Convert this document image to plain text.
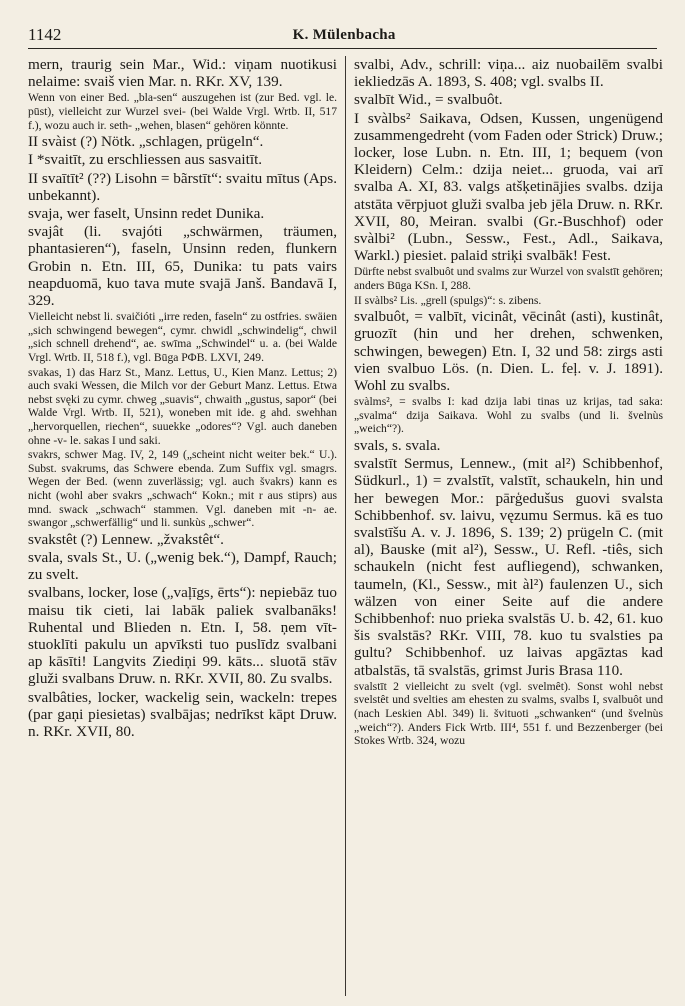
1142	K. Mülenbacha

mern, traurig sein Mar., Wid.: viņam nuotikusi nelaime: svaiš vien Mar. n. RKr. XV, 139.

Wenn von einer Bed. „bla-sen“ auszugehen ist (zur Bed. vgl. le. pūst), vielleicht zur Wurzel svei- (bei Walde Vrgl. Wrtb. II, 517 f.), wozu auch ir. seth- „wehen, blasen“ gehören könnte.

II svàist (?) Nötk. „schlagen, prügeln“.

I *svaitīt, zu erschliessen aus sasvaitīt.

II svaītīt² (??) Lisohn = bãrstīt“: svaitu mītus (Aps. unbekannt).

svaja, wer faselt, Unsinn redet Dunika.

svajât (li. svajóti „schwärmen, träumen, phantasieren“), faseln, Unsinn reden, flunkern Grobin n. Etn. III, 65, Dunika: tu pats vairs neapduomā, kuo tava mute svajā Janš. Bandavā I, 329.

Vielleicht nebst li. svaičióti „irre reden, faseln“ zu ostfries. swäien „sich schwingend bewegen“, cymr. chwidl „schwindelig“, chwil „sich schnell drehend“, ae. swīma „Schwindel“ u. a. (bei Walde Vrgl. Wrtb. II, 518 f.), vgl. Būga РФВ. LXVI, 249.

svakas, 1) das Harz St., Manz. Lettus, U., Kien Manz. Lettus; 2) auch svaki Wessen, die Milch vor der Geburt Manz. Lettus. Etwa nebst svęki zu cymr. chweg „suavis“, chwaith „gustus, sapor“ (bei Walde Vrgl. Wrtb. II, 521), woneben mit ide. g ahd. swehhan „hervorquellen, riechen“, suuekke „odores“? Vgl. auch daneben ohne -v- le. sakas I und saki.

svakrs, schwer Mag. IV, 2, 149 („scheint nicht weiter bek.“ U.). Subst. svakrums, das Schwere ebenda. Zum Suffix vgl. smagrs. Wegen der Bed. (wenn zuverlässig; vgl. auch švakrs) kann es nicht (wohl aber svakrs „schwach“ Kokn.; mit r aus stiprs) aus mnd. swack „schwach“ stammen. Vgl. daneben mit -n- ae. swangor „schwerfällig“ und li. sunkùs „schwer“.

svakstêt (?) Lennew. „žvakstêt“.

svala, svals St., U. („wenig bek.“), Dampf, Rauch; zu svelt.

svalbans, locker, lose („vaļīgs, ērts“): nepiebāz tuo maisu tik cieti, lai labāk paliek svalbanāks! Ruhental und Blieden n. Etn. I, 58. ņem vīt-stuoklīti pakulu un apvīksti tuo puslīdz svalbani ap kāsīti! Langvits Ziediņi 99. kāts... sluotā stāv gluži svalbans Druw. n. RKr. XVII, 80. Zu svalbs.

svalbâties, locker, wackelig sein, wackeln: trepes (par gaņi piesietas) svalbājas; nedrīkst kāpt Druw. n. RKr. XVII, 80.

svalbi, Adv., schrill: viņa... aiz nuobailēm svalbi iekliedzās A. 1893, S. 408; vgl. svalbs II.

svalbīt Wid., = svalbuôt.

I svàlbs² Saikava, Odsen, Kussen, ungenügend zusammengedreht (vom Faden oder Strick) Druw.; locker, lose Lubn. n. Etn. III, 1; bequem (von Kleidern) Celm.: dzija neiet... gruoda, vai arī svalba A. XI, 83. valgs atšķetinājies svalbs. dzija atstāta vērpjuot gluži svalba jeb jēla Druw. n. RKr. XVII, 80, Meiran. svalbi (Gr.-Buschhof) oder svàlbi² (Lubn., Sessw., Fest., Adl., Saikava, Warkl.) piesiet. palaid striķi svalbāk! Fest.

Dürfte nebst svalbuôt und svalms zur Wurzel von svalstīt gehören; anders Būga KSn. I, 288.

II svàlbs² Lis. „grell (spulgs)“: s. zibens.

svalbuôt, = valbīt, vicinât, vēcinât (asti), kustinât, gruozīt (hin und her drehen, schwenken, schwingen, bewegen) Etn. I, 32 und 58: zirgs asti vien svalbuo Lös. (n. Dien. L. feļ. v. J. 1891). Wohl zu svalbs.

svàlms², = svalbs I: kad dzija labi tinas uz krijas, tad saka: „svalma“ dzija Saikava. Wohl zu svalbs (und li. švelnùs „weich“?).

svals, s. svala.

svalstīt Sermus, Lennew., (mit al²) Schibbenhof, Südkurl., 1) = zvalstīt, valstīt, schaukeln, hin und her bewegen Mor.: pārģedušus guovi svalsta Schibbenhof. sv. laivu, vęzumu Sermus. kā es tuo svalstīšu A. v. J. 1896, S. 139; 2) prügeln C. (mit al), Bauske (mit al²), Sessw., U. Refl. -tiês, sich schaukeln (nicht fest aufliegend), schwanken, taumeln, (Kl., Sessw., mit àl²) faulenzen U., sich wälzen von einer Seite auf die andere Schibbenhof: nuo prieka svalstās U. b. 42, 61. kuo šis svalstās? RKr. VIII, 78. kuo tu svalsties pa gultu? Schibbenhof. uz laivas apgāztas kad atbalstās, tā svalstās, grimst Juris Brasa 110.

svalstīt 2 vielleicht zu svelt (vgl. svelmêt). Sonst wohl nebst svelstêt und svelties am ehesten zu svalms, svalbs I, svalbuôt und (nach Leskien Abl. 349) li. švituoti „schwanken“ (und švelnùs „weich“?). Anders Fick Wrtb. III⁴, 551 f. und Bezzenberger (bei Stokes Wrtb. 324, wozu
